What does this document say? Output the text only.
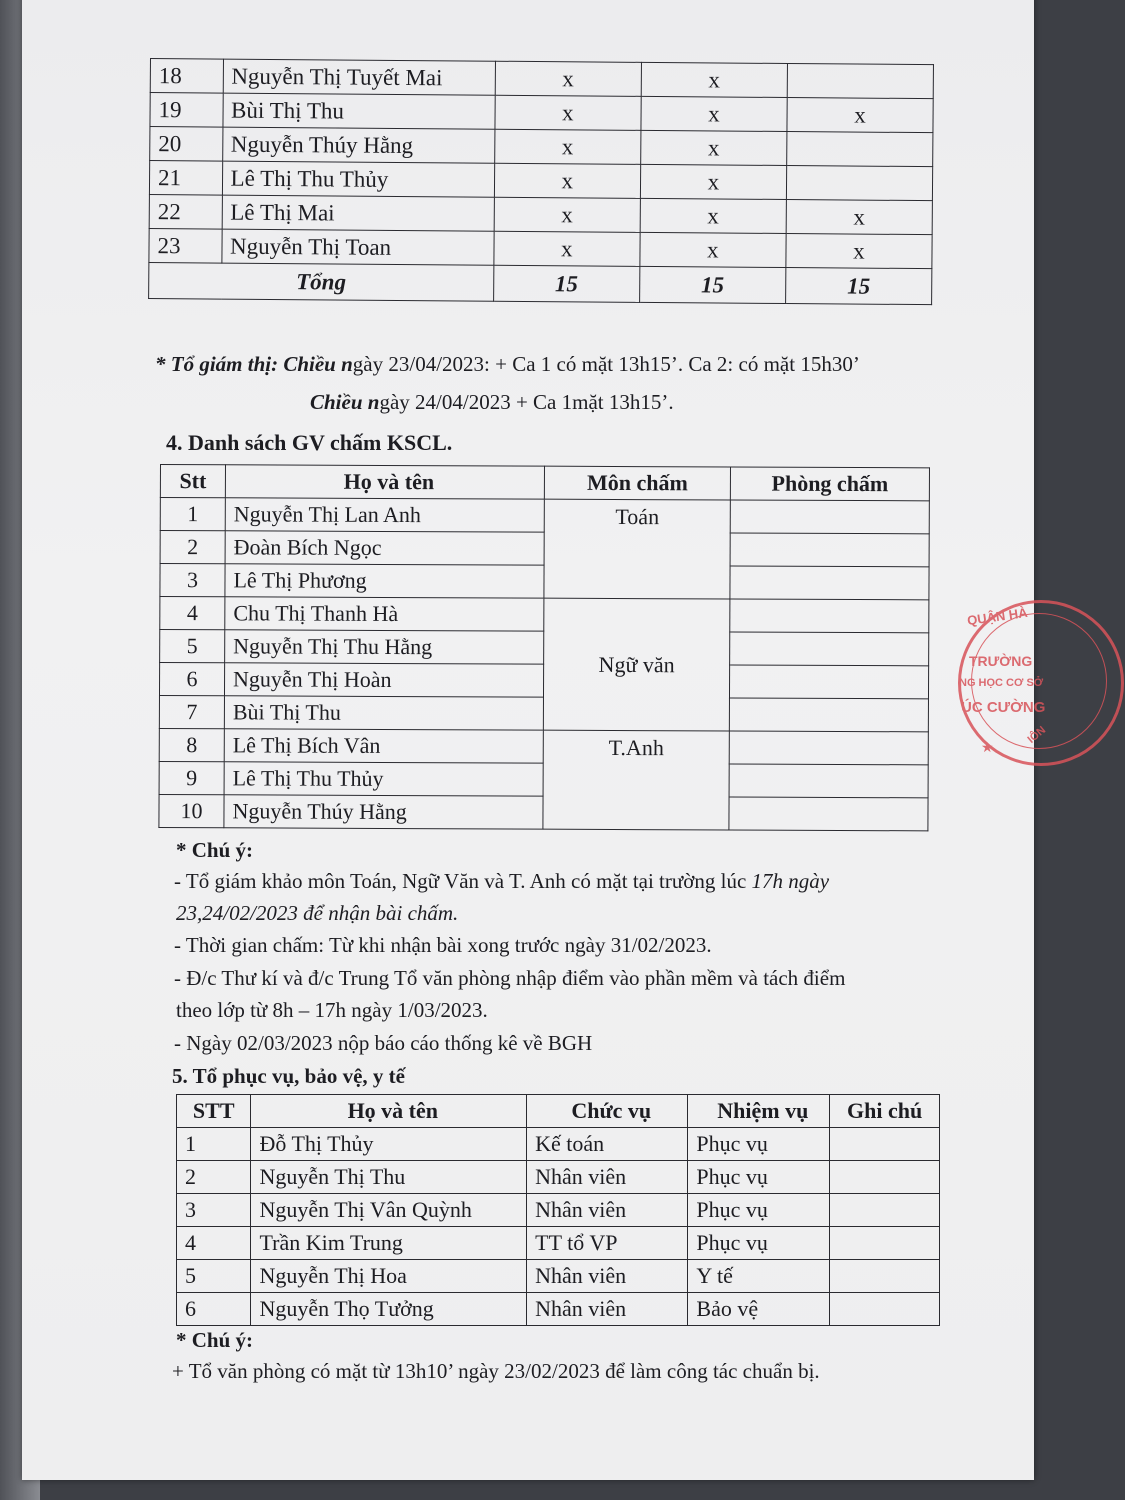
18	Nguyễn Thị Tuyết Mai	x	x	
19	Bùi Thị Thu	x	x	x
20	Nguyễn Thúy Hằng	x	x	
21	Lê Thị Thu Thủy	x	x	
22	Lê Thị Mai	x	x	x
23	Nguyễn Thị Toan	x	x	x
Tổng		15	15	15
* Tổ giám thị: Chiều ngày 23/04/2023: + Ca 1 có mặt 13h15’. Ca 2: có mặt 15h30’
Chiều ngày 24/04/2023 + Ca 1mặt 13h15’.
4. Danh sách GV chấm KSCL.
Stt	Họ và tên	Môn chấm	Phòng chấm
1	Nguyễn Thị Lan Anh	Toán	
2	Đoàn Bích Ngọc		
3	Lê Thị Phương		
4	Chu Thị Thanh Hà	Ngữ văn	
5	Nguyễn Thị Thu Hằng		
6	Nguyễn Thị Hoàn		
7	Bùi Thị Thu		
8	Lê Thị Bích Vân	T.Anh	
9	Lê Thị Thu Thủy		
10	Nguyễn Thúy Hằng		
* Chú ý:
- Tổ giám khảo môn Toán, Ngữ Văn và T. Anh có mặt tại trường lúc 17h ngày
23,24/02/2023 để nhận bài chấm.
- Thời gian chấm: Từ khi nhận bài xong trước ngày 31/02/2023.
- Đ/c Thư kí và đ/c Trung Tổ văn phòng nhập điểm vào phần mềm và tách điểm
theo lớp từ 8h – 17h ngày 1/03/2023.
- Ngày 02/03/2023 nộp báo cáo thống kê về BGH
5. Tổ phục vụ, bảo vệ, y tế
STT	Họ và tên	Chức vụ	Nhiệm vụ	Ghi chú
1	Đỗ Thị Thủy	Kế toán	Phục vụ	
2	Nguyễn Thị Thu	Nhân viên	Phục vụ	
3	Nguyễn Thị Vân Quỳnh	Nhân viên	Phục vụ	
4	Trần Kim Trung	TT tổ VP	Phục vụ	
5	Nguyễn Thị Hoa	Nhân viên	Y tế	
6	Nguyễn Thọ Tưởng	Nhân viên	Bảo vệ	
* Chú ý:
+ Tổ văn phòng có mặt từ 13h10’ ngày 23/02/2023 để làm công tác chuẩn bị.
QUẬN HÀ
TRƯỜNG
NG HỌC CƠ SỞ
ÚC CƯỜNG
★
IÔN
